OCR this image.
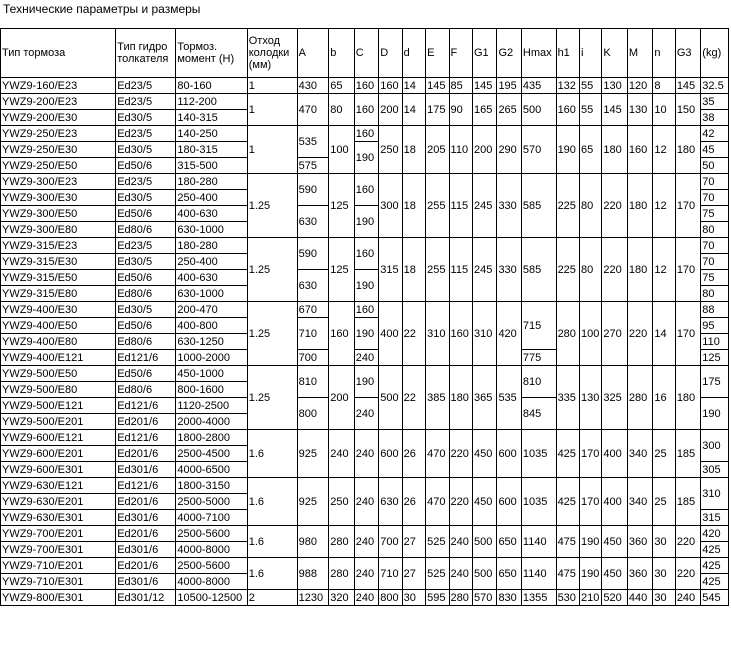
Технические параметры и размеры
Тип тормоза	Тип гидро толкателя	Тормоз. момент (Н)	Отход колодки (мм)	A	b	C	D	d	E	F	G1	G2	Hmax	h1	i	K	M	n	G3	(kg)
YWZ9-160/E23	Ed23/5	80-160	1	430	65	160	160	14	145	85	145	195	435	132	55	130	120	8	145	32.5
YWZ9-200/E23	Ed23/5	112-200	1	470	80	160	200	14	175	90	165	265	500	160	55	145	130	10	150	35
YWZ9-200/E30	Ed30/5	140-315																		38
YWZ9-250/E23	Ed23/5	140-250	1	535	100	160	250	18	205	110	200	290	570	190	65	180	160	12	180	42
YWZ9-250/E30	Ed30/5	180-315				190														45
YWZ9-250/E50	Ed50/6	315-500		575																50
YWZ9-300/E23	Ed23/5	180-280	1.25	590	125	160	300	18	255	115	245	330	585	225	80	220	180	12	170	70
YWZ9-300/E30	Ed30/5	250-400																		70
YWZ9-300/E50	Ed50/6	400-630		630		190														75
YWZ9-300/E80	Ed80/6	630-1000																		80
YWZ9-315/E23	Ed23/5	180-280	1.25	590	125	160	315	18	255	115	245	330	585	225	80	220	180	12	170	70
YWZ9-315/E30	Ed30/5	250-400																		70
YWZ9-315/E50	Ed50/6	400-630		630		190														75
YWZ9-315/E80	Ed80/6	630-1000																		80
YWZ9-400/E30	Ed30/5	200-470	1.25	670	160	160	400	22	310	160	310	420	715	280	100	270	220	14	170	88
YWZ9-400/E50	Ed50/6	400-800		710		190														95
YWZ9-400/E80	Ed80/6	630-1250																		110
YWZ9-400/E121	Ed121/6	1000-2000		700		240							775							125
YWZ9-500/E50	Ed50/6	450-1000	1.25	810	200	190	500	22	385	180	365	535	810	335	130	325	280	16	180	175
YWZ9-500/E80	Ed80/6	800-1600																		
YWZ9-500/E121	Ed121/6	1120-2500		800		240							845							190
YWZ9-500/E201	Ed201/6	2000-4000																		
YWZ9-600/E121	Ed121/6	1800-2800	1.6	925	240	240	600	26	470	220	450	600	1035	425	170	400	340	25	185	300
YWZ9-600/E201	Ed201/6	2500-4500																		
YWZ9-600/E301	Ed301/6	4000-6500																		305
YWZ9-630/E121	Ed121/6	1800-3150	1.6	925	250	240	630	26	470	220	450	600	1035	425	170	400	340	25	185	310
YWZ9-630/E201	Ed201/6	2500-5000																		
YWZ9-630/E301	Ed301/6	4000-7100																		315
YWZ9-700/E201	Ed201/6	2500-5600	1.6	980	280	240	700	27	525	240	500	650	1140	475	190	450	360	30	220	420
YWZ9-700/E301	Ed301/6	4000-8000																		425
YWZ9-710/E201	Ed201/6	2500-5600	1.6	988	280	240	710	27	525	240	500	650	1140	475	190	450	360	30	220	425
YWZ9-710/E301	Ed301/6	4000-8000																		425
YWZ9-800/E301	Ed301/12	10500-12500	2	1230	320	240	800	30	595	280	570	830	1355	530	210	520	440	30	240	545
